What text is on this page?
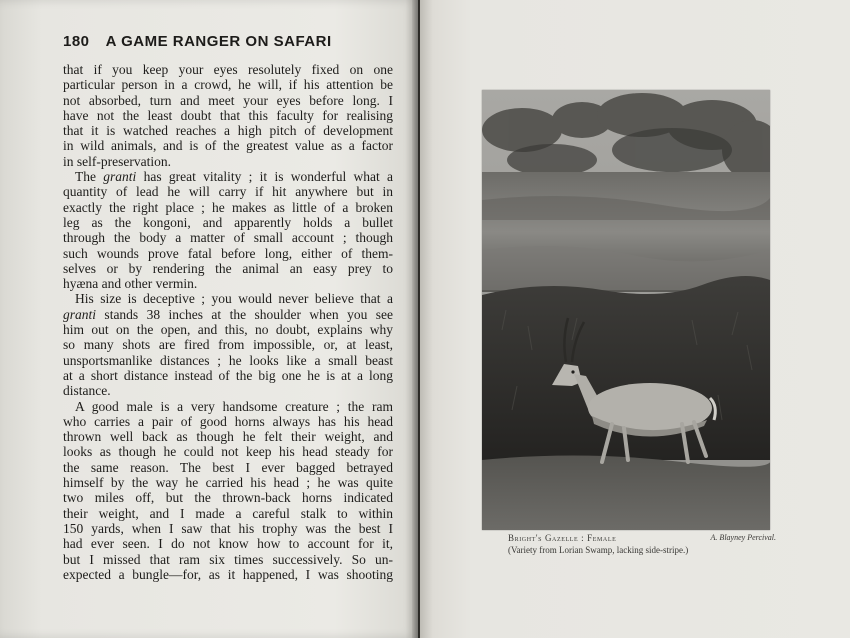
180 A GAME RANGER ON SAFARI
that if you keep your eyes resolutely fixed on one
particular person in a crowd, he will, if his attention be
not absorbed, turn and meet your eyes before long. I
have not the least doubt that this faculty for realising
that it is watched reaches a high pitch of development
in wild animals, and is of the greatest value as a factor
in self-preservation.
The granti has great vitality ; it is wonderful what a
quantity of lead he will carry if hit anywhere but in
exactly the right place ; he makes as little of a broken
leg as the kongoni, and apparently holds a bullet
through the body a matter of small account ; though
such wounds prove fatal before long, either of them-
selves or by rendering the animal an easy prey to
hyæna and other vermin.
His size is deceptive ; you would never believe that a
granti stands 38 inches at the shoulder when you see
him out on the open, and this, no doubt, explains why
so many shots are fired from impossible, or, at least,
unsportsmanlike distances ; he looks like a small beast
at a short distance instead of the big one he is at a long
distance.
A good male is a very handsome creature ; the ram
who carries a pair of good horns always has his head
thrown well back as though he felt their weight, and
looks as though he could not keep his head steady for
the same reason. The best I ever bagged betrayed
himself by the way he carried his head ; he was quite
two miles off, but the thrown-back horns indicated
their weight, and I made a careful stalk to within
150 yards, when I saw that his trophy was the best I
had ever seen. I do not know how to account for it,
but I missed that ram six times successively. So un-
expected a bungle—for, as it happened, I was shooting
Bright's Gazelle : Female	A. Blayney Percival.
(Variety from Lorian Swamp, lacking side-stripe.)
